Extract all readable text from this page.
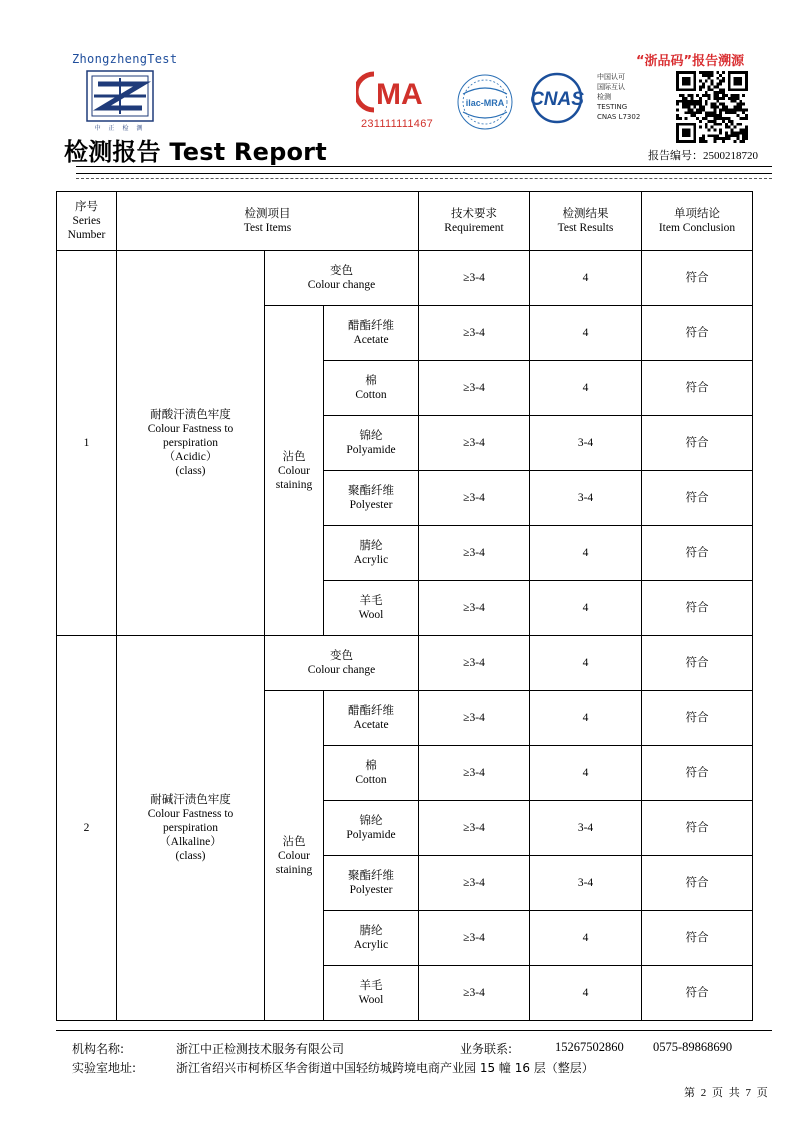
ZhongzhengTest
中 正 检 测
检测报告 Test Report
MA
231111111467
ilac-MRA CNAS
中国认可
国际互认
检测
TESTING
CNAS L7302
“浙品码”报告溯源
报告编号：2500218720
序号
Series
Number	检测项目
Test Items			技术要求
Requirement	检测结果
Test Results	单项结论
Item Conclusion

1	耐酸汗渍色牢度
Colour Fastness to
perspiration
（Acidic）
(class)	变色
Colour change		≥3-4	4	符合

		沾色
Colour
staining	醋酯纤维
Acetate	≥3-4	4	符合

			棉
Cotton	≥3-4	4	符合

			锦纶
Polyamide	≥3-4	3-4	符合

			聚酯纤维
Polyester	≥3-4	3-4	符合

			腈纶
Acrylic	≥3-4	4	符合

			羊毛
Wool	≥3-4	4	符合
2	耐碱汗渍色牢度
Colour Fastness to
perspiration
（Alkaline）
(class)	变色
Colour change		≥3-4	4	符合

		沾色
Colour
staining	醋酯纤维
Acetate	≥3-4	4	符合

			棉
Cotton	≥3-4	4	符合

			锦纶
Polyamide	≥3-4	3-4	符合

			聚酯纤维
Polyester	≥3-4	3-4	符合

			腈纶
Acrylic	≥3-4	4	符合

			羊毛
Wool	≥3-4	4	符合
机构名称:	浙江中正检测技术服务有限公司	业务联系:	15267502860 0575-89868690
实验室地址:	浙江省绍兴市柯桥区华舍街道中国轻纺城跨境电商产业园 15 幢 16 层（整层）
第 2 页 共 7 页
